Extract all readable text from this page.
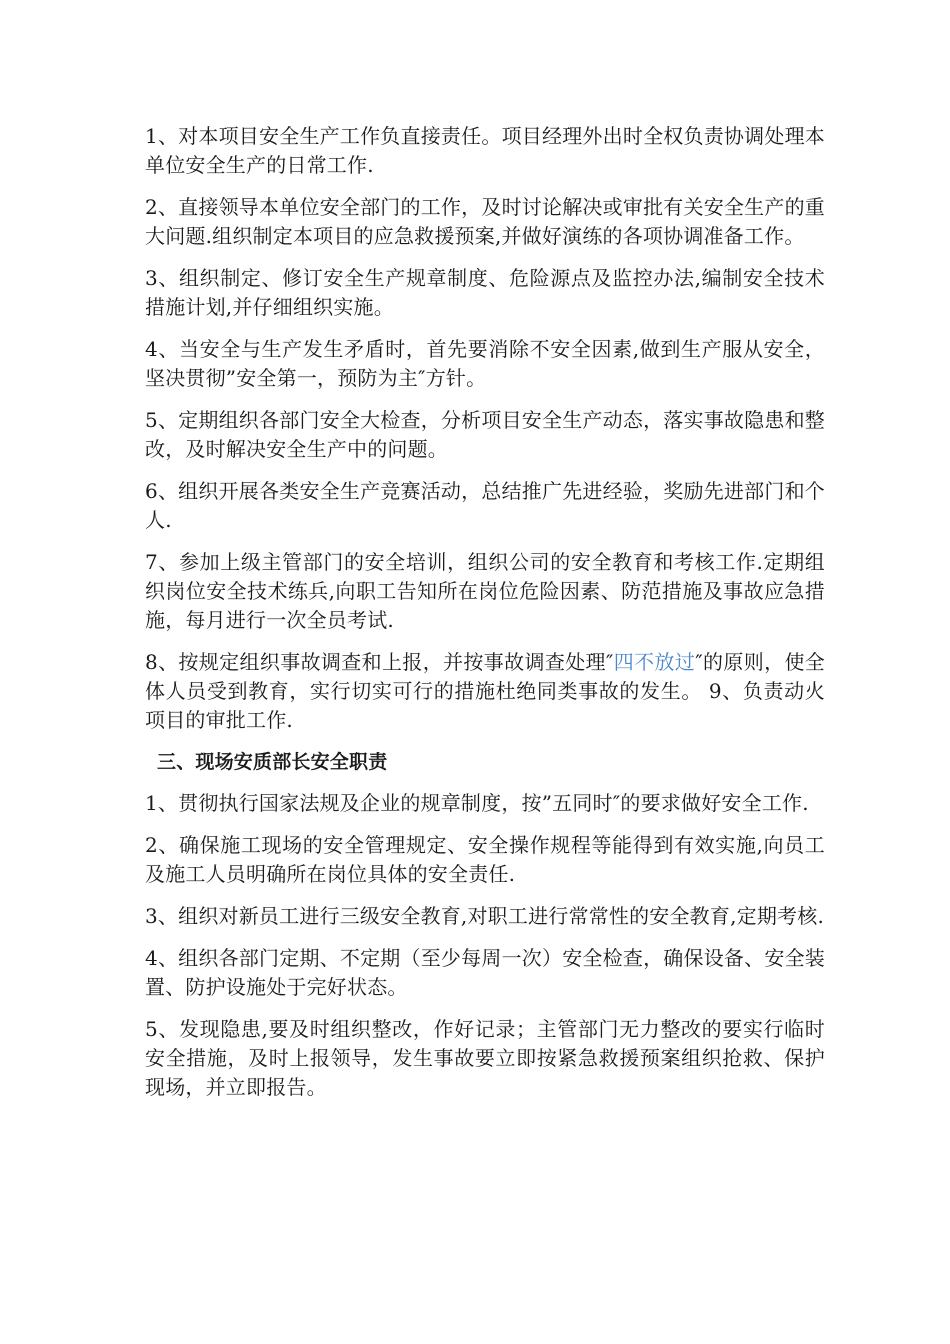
1、对本项目安全生产工作负直接责任。项目经理外出时全权负责协调处理本单位安全生产的日常工作.

2、直接领导本单位安全部门的工作，及时讨论解决或审批有关安全生产的重大问题.组织制定本项目的应急救援预案,并做好演练的各项协调准备工作。

3、组织制定、修订安全生产规章制度、危险源点及监控办法,编制安全技术措施计划,并仔细组织实施。

4、当安全与生产发生矛盾时，首先要消除不安全因素,做到生产服从安全，坚决贯彻”安全第一，预防为主″方针。

5、定期组织各部门安全大检查，分析项目安全生产动态，落实事故隐患和整改，及时解决安全生产中的问题。

6、组织开展各类安全生产竞赛活动，总结推广先进经验，奖励先进部门和个人.

7、参加上级主管部门的安全培训，组织公司的安全教育和考核工作.定期组织岗位安全技术练兵,向职工告知所在岗位危险因素、防范措施及事故应急措施，每月进行一次全员考试.

8、按规定组织事故调查和上报，并按事故调查处理″四不放过″的原则，使全体人员受到教育，实行切实可行的措施杜绝同类事故的发生。 9、负责动火项目的审批工作.

三、现场安质部长安全职责

1、贯彻执行国家法规及企业的规章制度，按”五同时″的要求做好安全工作.

2、确保施工现场的安全管理规定、安全操作规程等能得到有效实施,向员工及施工人员明确所在岗位具体的安全责任.

3、组织对新员工进行三级安全教育,对职工进行常常性的安全教育,定期考核.

4、组织各部门定期、不定期（至少每周一次）安全检查，确保设备、安全装置、防护设施处于完好状态。

5、发现隐患,要及时组织整改，作好记录；主管部门无力整改的要实行临时安全措施，及时上报领导，发生事故要立即按紧急救援预案组织抢救、保护现场，并立即报告。
